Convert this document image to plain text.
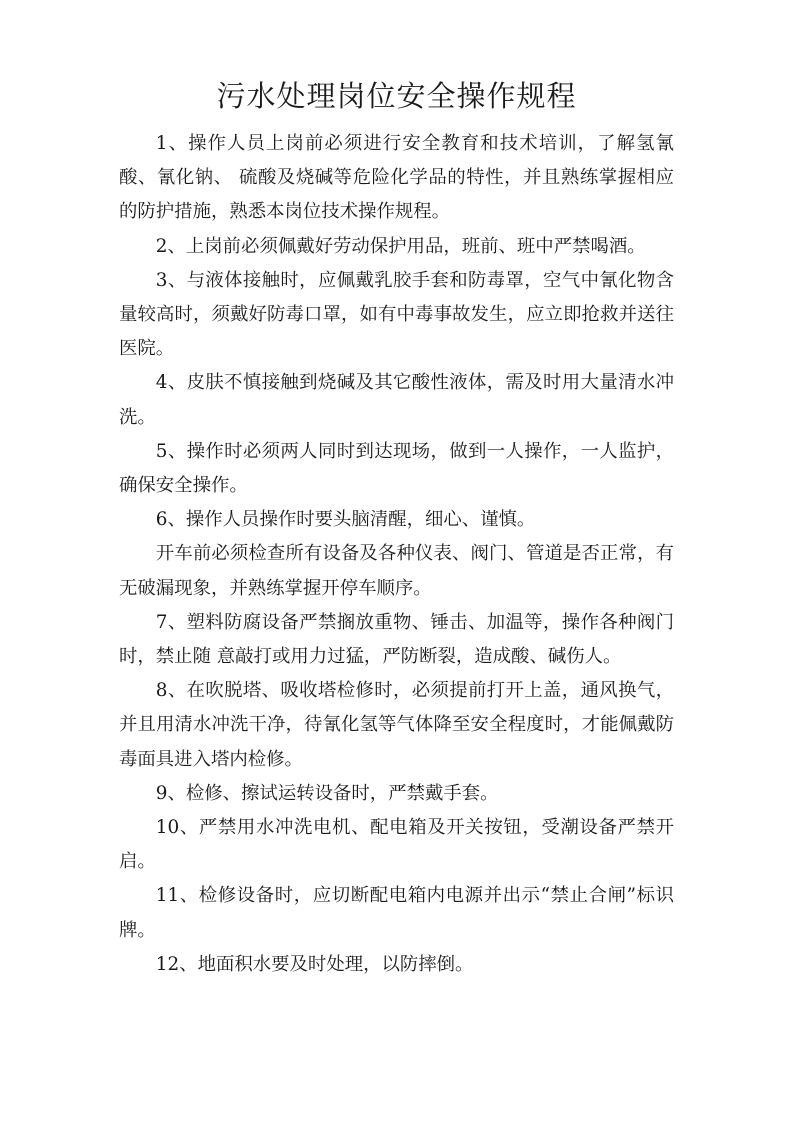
污水处理岗位安全操作规程

1、操作人员上岗前必须进行安全教育和技术培训，了解氢氰酸、氰化钠、 硫酸及烧碱等危险化学品的特性，并且熟练掌握相应的防护措施，熟悉本岗位技术操作规程。

2、上岗前必须佩戴好劳动保护用品，班前、班中严禁喝酒。

3、与液体接触时，应佩戴乳胶手套和防毒罩，空气中氰化物含量较高时，须戴好防毒口罩，如有中毒事故发生，应立即抢救并送往医院。

4、皮肤不慎接触到烧碱及其它酸性液体，需及时用大量清水冲洗。

5、操作时必须两人同时到达现场，做到一人操作，一人监护，确保安全操作。

6、操作人员操作时要头脑清醒，细心、谨慎。

开车前必须检查所有设备及各种仪表、阀门、管道是否正常，有无破漏现象，并熟练掌握开停车顺序。

7、塑料防腐设备严禁搁放重物、锤击、加温等，操作各种阀门时，禁止随 意敲打或用力过猛，严防断裂，造成酸、碱伤人。

8、在吹脱塔、吸收塔检修时，必须提前打开上盖，通风换气，并且用清水冲洗干净，待氰化氢等气体降至安全程度时，才能佩戴防毒面具进入塔内检修。

9、检修、擦试运转设备时，严禁戴手套。

10、严禁用水冲洗电机、配电箱及开关按钮，受潮设备严禁开启。

11、检修设备时，应切断配电箱内电源并出示“禁止合闸”标识牌。

12、地面积水要及时处理，以防摔倒。
